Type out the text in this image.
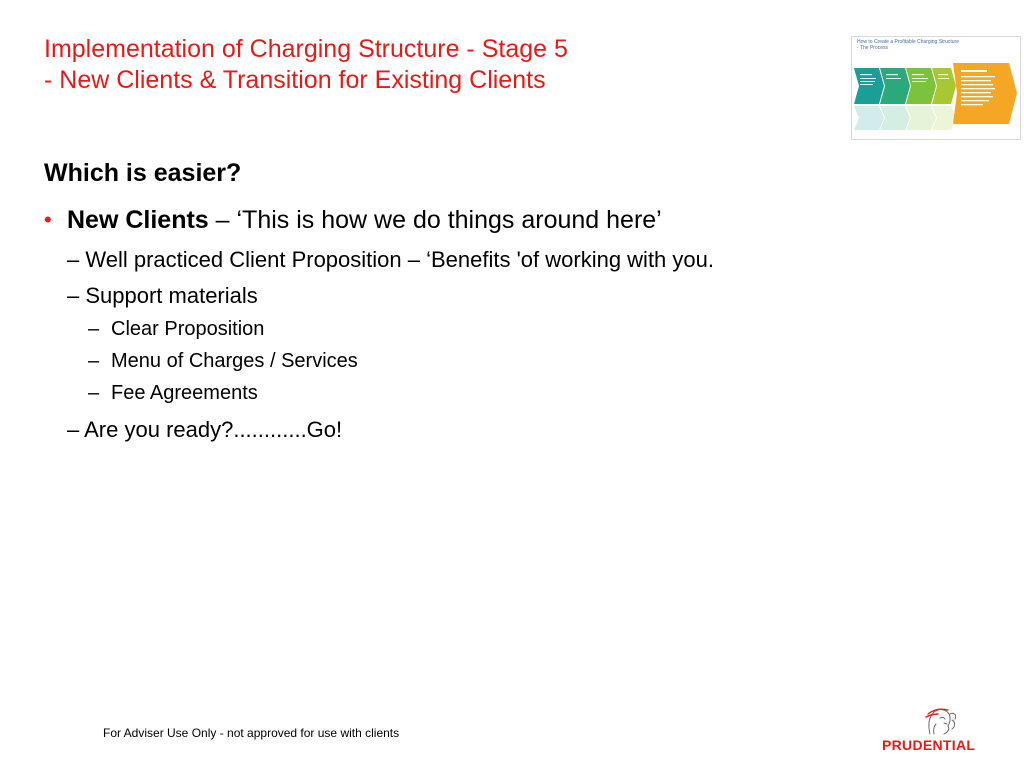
Implementation of Charging Structure - Stage 5
- New Clients & Transition for Existing Clients
How to Create a Profitable Charging Structure
- The Process
Which is easier?
• New Clients – ‘This is how we do things around here’
– Well practiced Client Proposition – ‘Benefits 'of working with you.
– Support materials
– Clear Proposition
– Menu of Charges / Services
– Fee Agreements
– Are you ready?............Go!
For Adviser Use Only - not approved for use with clients
PRUDENTIAL
